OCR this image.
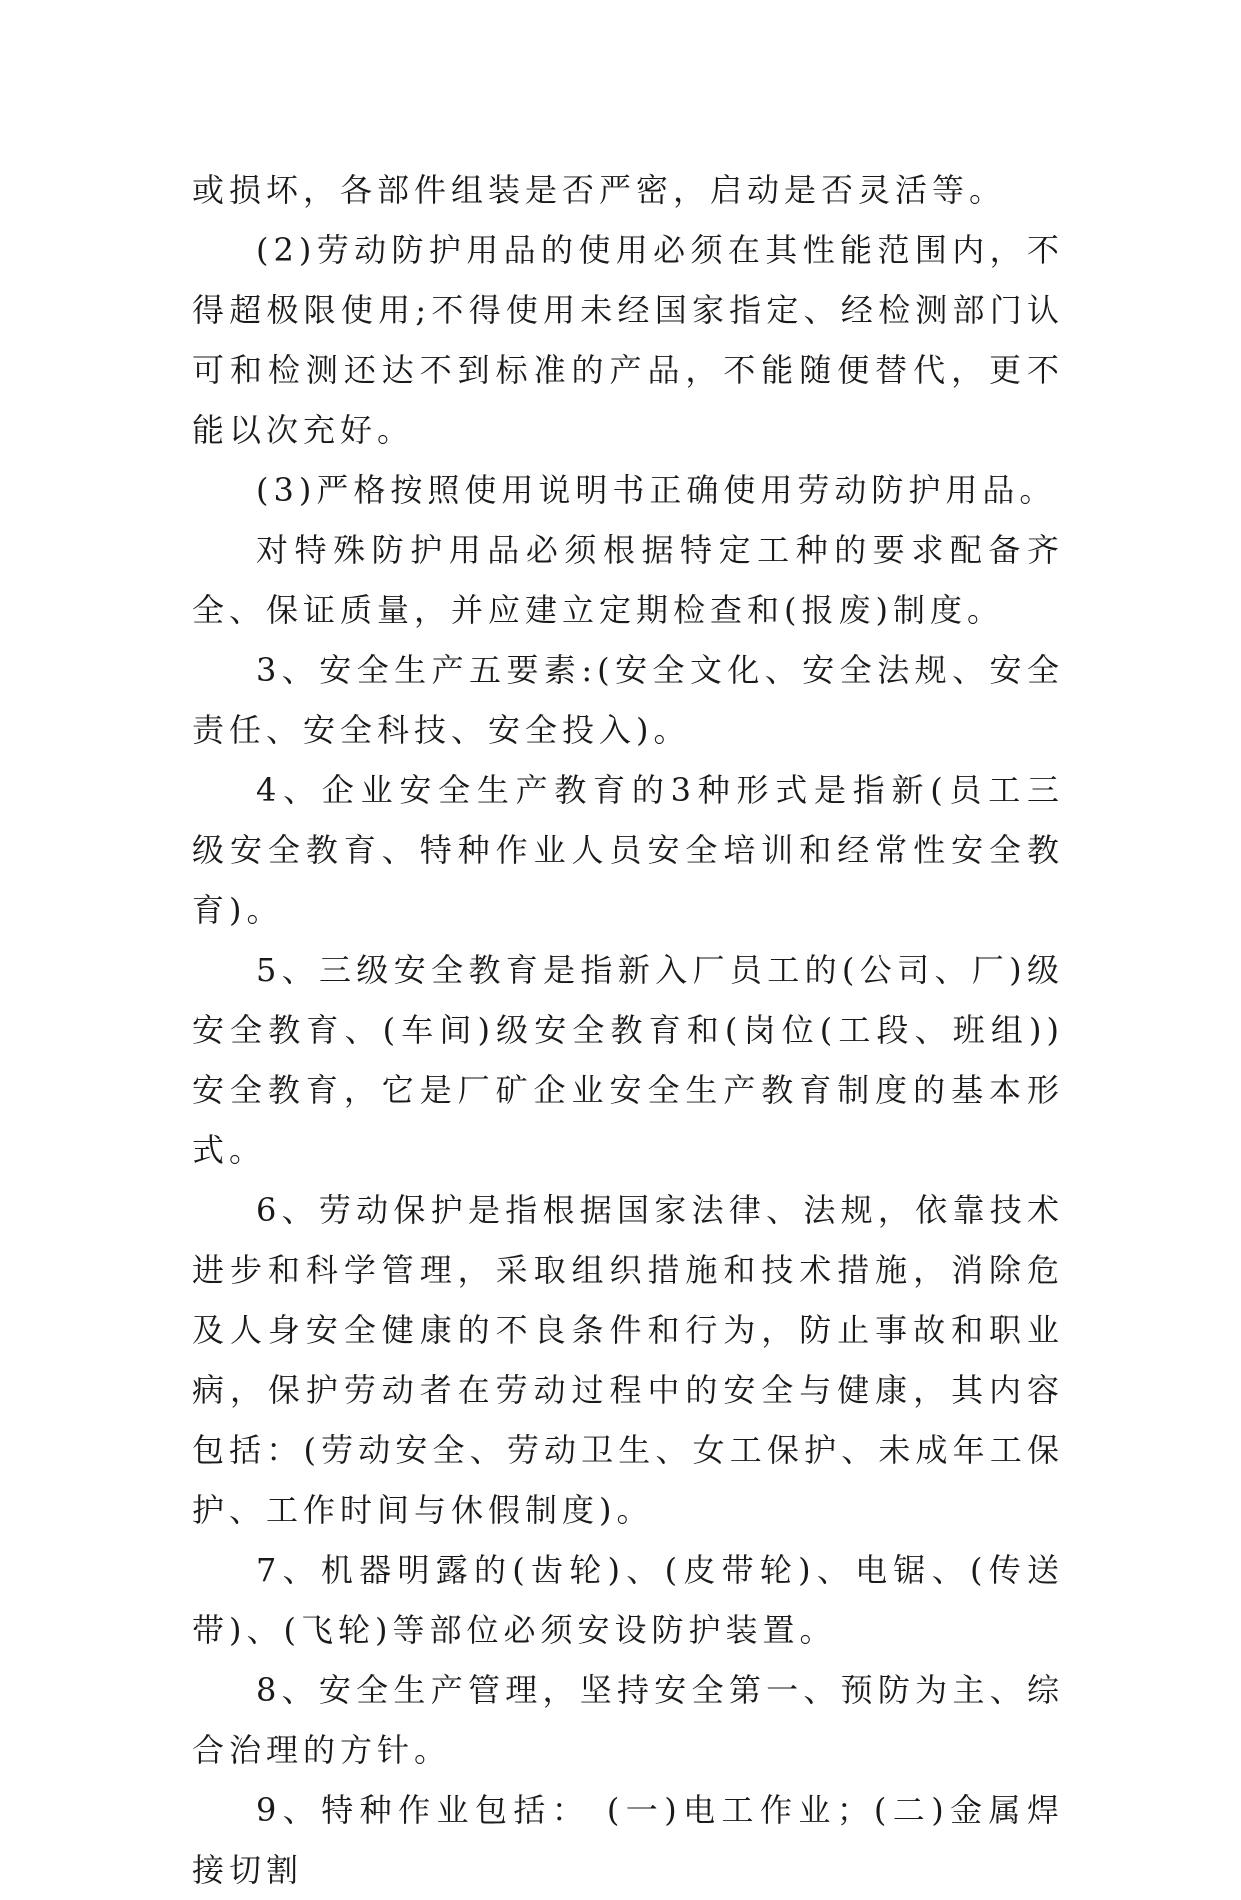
或损坏，各部件组装是否严密，启动是否灵活等。

(2)劳动防护用品的使用必须在其性能范围内，不得超极限使用;不得使用未经国家指定、经检测部门认可和检测还达不到标准的产品，不能随便替代，更不能以次充好。

(3)严格按照使用说明书正确使用劳动防护用品。

对特殊防护用品必须根据特定工种的要求配备齐全、保证质量，并应建立定期检查和(报废)制度。

3、安全生产五要素:(安全文化、安全法规、安全责任、安全科技、安全投入)。

4、企业安全生产教育的3种形式是指新(员工三级安全教育、特种作业人员安全培训和经常性安全教育)。

5、三级安全教育是指新入厂员工的(公司、厂)级安全教育、(车间)级安全教育和(岗位(工段、班组))安全教育，它是厂矿企业安全生产教育制度的基本形式。

6、劳动保护是指根据国家法律、法规，依靠技术进步和科学管理，采取组织措施和技术措施，消除危及人身安全健康的不良条件和行为，防止事故和职业病，保护劳动者在劳动过程中的安全与健康，其内容包括：(劳动安全、劳动卫生、女工保护、未成年工保护、工作时间与休假制度)。

7、机器明露的(齿轮)、(皮带轮)、电锯、(传送带)、(飞轮)等部位必须安设防护装置。

8、安全生产管理，坚持安全第一、预防为主、综合治理的方针。

9、特种作业包括： (一)电工作业；(二)金属焊接切割
